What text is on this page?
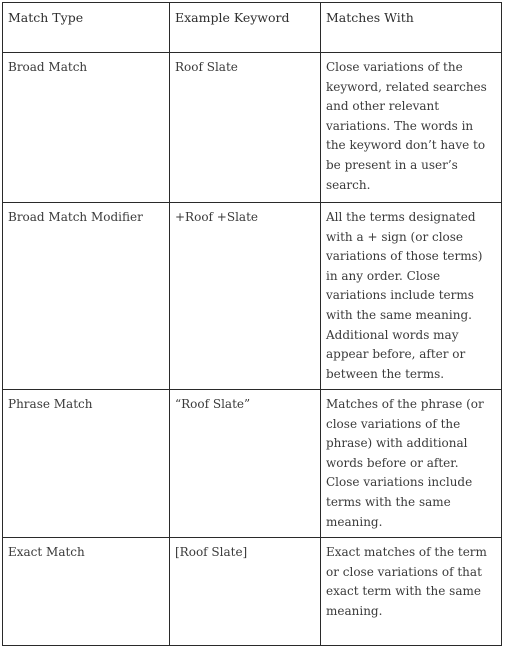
Match Type	Example Keyword	Matches With
Broad Match	Roof Slate	Close variations of the keyword, related searches and other relevant variations. The words in the keyword don’t have to be present in a user’s search.
Broad Match Modifier	+Roof +Slate	All the terms designated with a + sign (or close variations of those terms) in any order. Close variations include terms with the same meaning. Additional words may appear before, after or between the terms.
Phrase Match	“Roof Slate”	Matches of the phrase (or close variations of the phrase) with additional words before or after. Close variations include terms with the same meaning.
Exact Match	[Roof Slate]	Exact matches of the term or close variations of that exact term with the same meaning.
